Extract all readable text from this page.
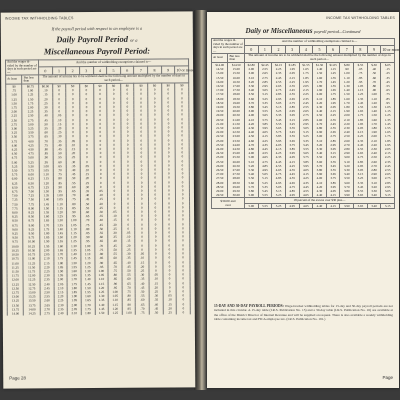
INCOME TAX WITHHOLDING TABLES
If the payroll period with respect to an employee is a
Daily Payroll Period or a
Miscellaneous Payroll Period:
And the wages di-vided by the number of days in such period are—		And the number of withholding exemptions claimed is—										
		0	1	2	3	4	5	6	7	8	9	10 or more
At least	But less than	The amount of income tax to be withheld shall be the following amount multiplied by the number of days in such period—										
$0	$0.75	$0.00	$0	$0	$0	$0	$0	$0	$0	$0	$0	$0
.75	1.00	.10	0	0	0	0	0	0	0	0	0	0
1.00	1.25	.15	0	0	0	0	0	0	0	0	0	0
1.25	1.50	.20	0	0	0	0	0	0	0	0	0	0
1.50	1.75	.25	0	0	0	0	0	0	0	0	0	0
1.75	2.00	.30	0	0	0	0	0	0	0	0	0	0
2.00	2.25	.35	0	0	0	0	0	0	0	0	0	0
2.25	2.50	.40	.05	0	0	0	0	0	0	0	0	0
2.50	2.75	.45	.10	0	0	0	0	0	0	0	0	0
2.75	3.00	.50	.15	0	0	0	0	0	0	0	0	0
3.00	3.25	.55	.20	0	0	0	0	0	0	0	0	0
3.25	3.50	.60	.25	0	0	0	0	0	0	0	0	0
3.50	3.75	.65	.30	0	0	0	0	0	0	0	0	0
3.75	4.00	.70	.35	.05	0	0	0	0	0	0	0	0
4.00	4.25	.75	.40	.10	0	0	0	0	0	0	0	0
4.25	4.50	.80	.45	.15	0	0	0	0	0	0	0	0
4.50	4.75	.85	.50	.20	0	0	0	0	0	0	0	0
4.75	5.00	.90	.55	.25	0	0	0	0	0	0	0	0
5.00	5.25	.95	.60	.30	0	0	0	0	0	0	0	0
5.25	5.50	1.00	.65	.35	.05	0	0	0	0	0	0	0
5.50	5.75	1.05	.70	.40	.10	0	0	0	0	0	0	0
5.75	6.00	1.10	.75	.45	.15	0	0	0	0	0	0	0
6.00	6.25	1.15	.80	.50	.20	0	0	0	0	0	0	0
6.25	6.50	1.20	.85	.55	.25	0	0	0	0	0	0	0
6.50	6.75	1.25	.90	.60	.30	0	0	0	0	0	0	0
6.75	7.00	1.30	.95	.65	.35	.05	0	0	0	0	0	0
7.00	7.25	1.35	1.00	.70	.40	.10	0	0	0	0	0	0
7.25	7.50	1.40	1.05	.75	.45	.15	0	0	0	0	0	0
7.50	7.75	1.45	1.10	.80	.50	.20	0	0	0	0	0	0
7.75	8.00	1.50	1.15	.85	.55	.25	0	0	0	0	0	0
8.00	8.25	1.55	1.20	.90	.60	.30	.05	0	0	0	0	0
8.25	8.50	1.60	1.25	.95	.65	.35	.10	0	0	0	0	0
8.50	8.75	1.65	1.30	1.00	.70	.40	.15	0	0	0	0	0
8.75	9.00	1.70	1.35	1.05	.75	.45	.20	0	0	0	0	0
9.00	9.25	1.75	1.40	1.10	.80	.50	.25	0	0	0	0	0
9.25	9.50	1.80	1.45	1.15	.85	.55	.30	.05	0	0	0	0
9.50	9.75	1.85	1.50	1.20	.90	.60	.35	.10	0	0	0	0
9.75	10.00	1.90	1.55	1.25	.95	.65	.40	.15	0	0	0	0
10.00	10.25	1.95	1.60	1.30	1.00	.70	.45	.20	0	0	0	0
10.25	10.50	2.00	1.65	1.35	1.05	.75	.50	.25	0	0	0	0
10.50	10.75	2.05	1.70	1.40	1.10	.80	.55	.30	.05	0	0	0
10.75	11.00	2.10	1.75	1.45	1.15	.85	.60	.35	.10	0	0	0
11.00	11.25	2.15	1.80	1.50	1.20	.90	.65	.40	.15	0	0	0
11.25	11.50	2.20	1.85	1.55	1.25	.95	.70	.45	.20	0	0	0
11.50	11.75	2.25	1.90	1.60	1.30	1.00	.75	.50	.25	0	0	0
11.75	12.00	2.30	1.95	1.65	1.35	1.05	.80	.55	.30	.05	0	0
12.00	12.25	2.35	2.00	1.70	1.40	1.10	.85	.60	.35	.10	0	0
12.25	12.50	2.40	2.05	1.75	1.45	1.15	.90	.65	.40	.15	0	0
12.50	12.75	2.45	2.10	1.80	1.50	1.20	.95	.70	.45	.20	0	0
12.75	13.00	2.50	2.15	1.85	1.55	1.25	1.00	.75	.50	.25	0	0
13.00	13.25	2.55	2.20	1.90	1.60	1.30	1.05	.80	.55	.30	.05	0
13.25	13.50	2.60	2.25	1.95	1.65	1.35	1.10	.85	.60	.35	.10	0
13.50	13.75	2.65	2.30	2.00	1.70	1.40	1.15	.90	.65	.40	.15	0
13.75	14.00	2.70	2.35	2.05	1.75	1.45	1.20	.95	.70	.45	.20	0
14.00	14.25	2.75	2.40	2.10	1.80	1.50	1.25	1.00	.75	.50	.25	0
Page 28
INCOME TAX WITHHOLDING TABLES
Daily or Miscellaneous payroll period—Continued
And the wages di-vided by the number of days in such period are—		And the number of withholding exemptions claimed is—										
		0	1	2	3	4	5	6	7	8	9	10 or more
At least	But less than	The amount of income tax to be withheld shall be the following amount multiplied by the number of days in such period—										
$14.00	$14.50	$2.80	$2.45	$2.15	$1.85	$1.55	$1.30	$1.05	$.80	$.55	$.30	$.05
14.50	15.00	2.90	2.55	2.25	1.95	1.65	1.40	1.15	.90	.65	.40	.15
15.00	15.50	3.00	2.65	2.35	2.05	1.75	1.50	1.25	1.00	.75	.50	.25
15.50	16.00	3.10	2.75	2.45	2.15	1.85	1.60	1.35	1.10	.85	.60	.35
16.00	16.50	3.20	2.85	2.55	2.25	1.95	1.70	1.45	1.20	.95	.70	.45
16.50	17.00	3.30	2.95	2.65	2.35	2.05	1.80	1.55	1.30	1.05	.80	.55
17.00	17.50	3.40	3.05	2.75	2.45	2.15	1.90	1.65	1.40	1.15	.90	.65
17.50	18.00	3.50	3.15	2.85	2.55	2.25	2.00	1.75	1.50	1.25	1.00	.75
18.00	18.50	3.60	3.25	2.95	2.65	2.35	2.10	1.85	1.60	1.35	1.10	.85
18.50	19.00	3.70	3.35	3.05	2.75	2.45	2.20	1.95	1.70	1.45	1.20	.95
19.00	19.50	3.80	3.45	3.15	2.85	2.55	2.30	2.05	1.80	1.55	1.30	1.05
19.50	20.00	3.90	3.55	3.25	2.95	2.65	2.40	2.15	1.90	1.65	1.40	1.15
20.00	20.50	4.00	3.65	3.35	3.05	2.75	2.50	2.25	2.00	1.75	1.50	1.25
20.50	21.00	4.10	3.75	3.45	3.15	2.85	2.60	2.35	2.10	1.85	1.60	1.35
21.00	21.50	4.20	3.85	3.55	3.25	2.95	2.70	2.45	2.20	1.95	1.70	1.45
21.50	22.00	4.30	3.95	3.65	3.35	3.05	2.80	2.55	2.30	2.05	1.80	1.55
22.00	22.50	4.40	4.05	3.75	3.45	3.15	2.90	2.65	2.40	2.15	1.90	1.65
22.50	23.00	4.50	4.15	3.85	3.55	3.25	3.00	2.75	2.50	2.25	2.00	1.75
23.00	23.50	4.60	4.25	3.95	3.65	3.35	3.10	2.85	2.60	2.35	2.10	1.85
23.50	24.00	4.70	4.35	4.05	3.75	3.45	3.20	2.95	2.70	2.45	2.20	1.95
24.00	24.50	4.80	4.45	4.15	3.85	3.55	3.30	3.05	2.80	2.55	2.30	2.05
24.50	25.00	4.90	4.55	4.25	3.95	3.65	3.40	3.15	2.90	2.65	2.40	2.15
25.00	25.50	5.00	4.65	4.35	4.05	3.75	3.50	3.25	3.00	2.75	2.50	2.25
25.50	26.00	5.10	4.75	4.45	4.15	3.85	3.60	3.35	3.10	2.85	2.60	2.35
26.00	26.50	5.20	4.85	4.55	4.25	3.95	3.70	3.45	3.20	2.95	2.70	2.45
26.50	27.00	5.30	4.95	4.65	4.35	4.05	3.80	3.55	3.30	3.05	2.80	2.55
27.00	27.50	5.40	5.05	4.75	4.45	4.15	3.90	3.65	3.40	3.15	2.90	2.65
27.50	28.00	5.50	5.15	4.85	4.55	4.25	4.00	3.75	3.50	3.25	3.00	2.75
28.00	28.50	5.60	5.25	4.95	4.65	4.35	4.10	3.85	3.60	3.35	3.10	2.85
28.50	29.00	5.70	5.35	5.05	4.75	4.45	4.20	3.95	3.70	3.45	3.20	2.95
29.00	29.50	5.80	5.45	5.15	4.85	4.55	4.30	4.05	3.80	3.55	3.30	3.05
29.50	30.00	5.90	5.55	5.25	4.95	4.65	4.40	4.15	3.90	3.65	3.40	3.15
$30.00 and
over		18 percent of the excess over $30 plus—										
		5.90	5.55	5.25	4.95	4.65	4.40	4.15	3.90	3.65	3.40	3.15
15-DAY AND 30-DAY PAYROLL PERIODS: Wage-bracket withholding tables for 15-day and 30-day payroll periods are not included in this circular. A 15-day table (I.R.S. Publication No. 15) and a 30-day table (I.R.S. Publication No. 16) are available at the office of the District Director of Internal Revenue and will be supplied on request. There is also available a weekly withholding table containing income tax and FICA employee tax. (I.R.S. Publication No. 191.)
Page
